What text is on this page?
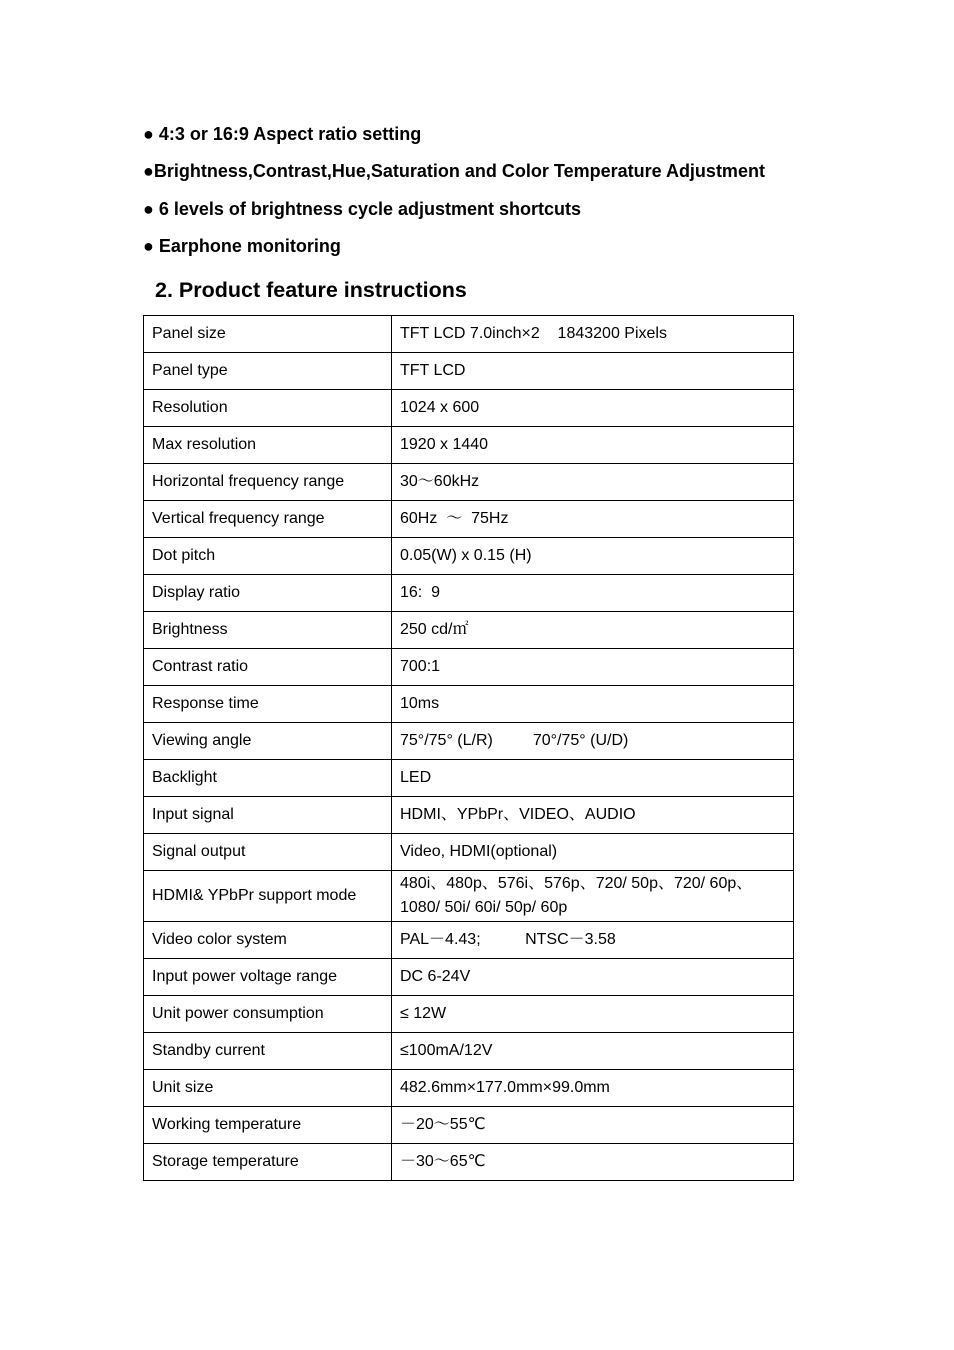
● 4:3 or 16:9 Aspect ratio setting
●Brightness,Contrast,Hue,Saturation and Color Temperature Adjustment
● 6 levels of brightness cycle adjustment shortcuts
● Earphone monitoring
2. Product feature instructions
Panel size	TFT LCD 7.0inch×2    1843200 Pixels
Panel type	TFT LCD
Resolution	1024 x 600
Max resolution	1920 x 1440
Horizontal frequency range	30～60kHz
Vertical frequency range	60Hz  ～  75Hz
Dot pitch	0.05(W) x 0.15 (H)
Display ratio	16:  9
Brightness	250 cd/㎡
Contrast ratio	700:1
Response time	10ms
Viewing angle	75°/75° (L/R)         70°/75° (U/D)
Backlight	LED
Input signal	HDMI、YPbPr、VIDEO、AUDIO
Signal output	Video, HDMI(optional)
HDMI& YPbPr support mode	480i、480p、576i、576p、720/ 50p、720/ 60p、1080/ 50i/ 60i/ 50p/ 60p
Video color system	PAL－4.43;          NTSC－3.58
Input power voltage range	DC 6-24V
Unit power consumption	≤ 12W
Standby current	≤100mA/12V
Unit size	482.6mm×177.0mm×99.0mm
Working temperature	－20～55℃
Storage temperature	－30～65℃
